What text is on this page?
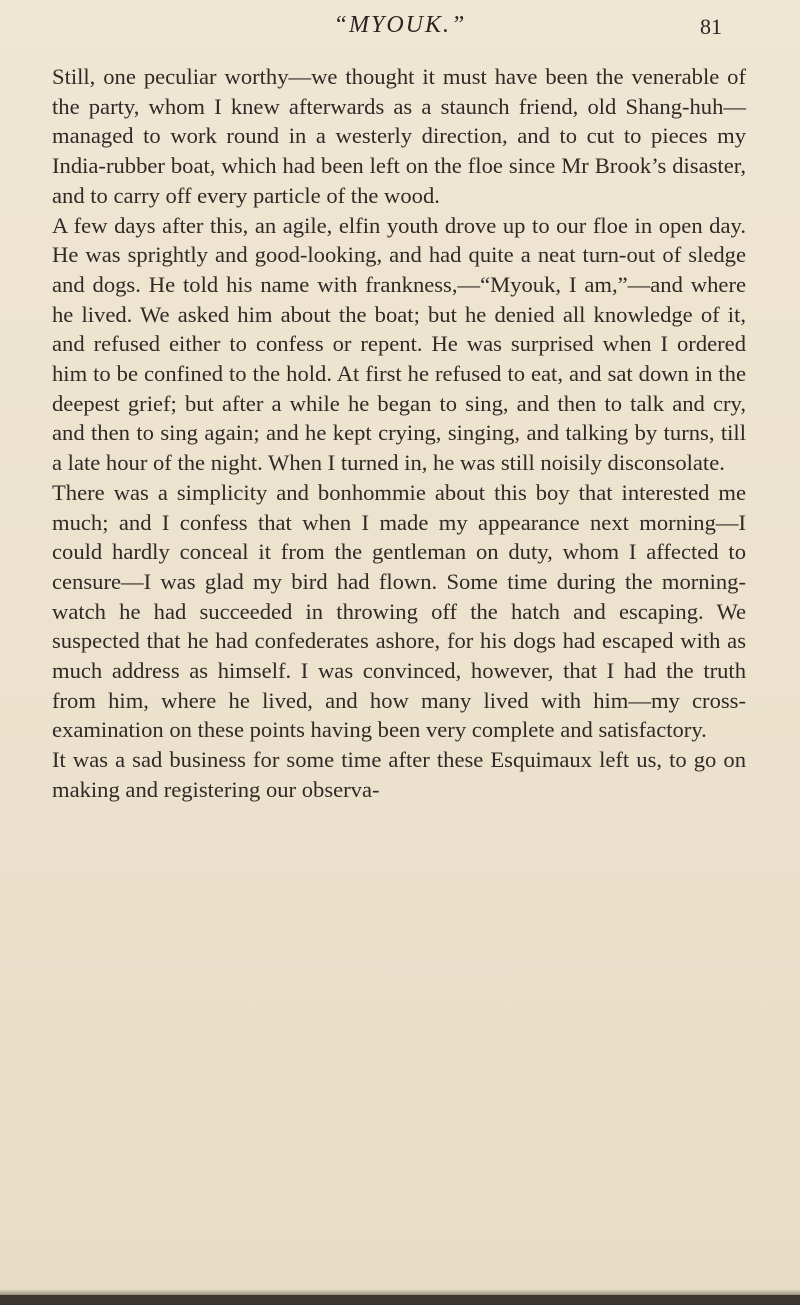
“MYOUK.”	81

Still, one peculiar worthy—we thought it must have been the venerable of the party, whom I knew afterwards as a staunch friend, old Shang-huh—managed to work round in a westerly direction, and to cut to pieces my India-rubber boat, which had been left on the floe since Mr Brook’s disaster, and to carry off every particle of the wood.

A few days after this, an agile, elfin youth drove up to our floe in open day. He was sprightly and good-looking, and had quite a neat turn-out of sledge and dogs. He told his name with frankness,—“Myouk, I am,”—and where he lived. We asked him about the boat; but he denied all knowledge of it, and refused either to confess or repent. He was surprised when I ordered him to be confined to the hold. At first he refused to eat, and sat down in the deepest grief; but after a while he began to sing, and then to talk and cry, and then to sing again; and he kept crying, singing, and talking by turns, till a late hour of the night. When I turned in, he was still noisily disconsolate.

There was a simplicity and bonhommie about this boy that interested me much; and I confess that when I made my appearance next morning—I could hardly conceal it from the gentleman on duty, whom I affected to censure—I was glad my bird had flown. Some time during the morning-watch he had succeeded in throwing off the hatch and escaping. We suspected that he had confederates ashore, for his dogs had escaped with as much address as himself. I was convinced, however, that I had the truth from him, where he lived, and how many lived with him—my cross-examination on these points having been very complete and satisfactory.

It was a sad business for some time after these Esquimaux left us, to go on making and registering our observa-
